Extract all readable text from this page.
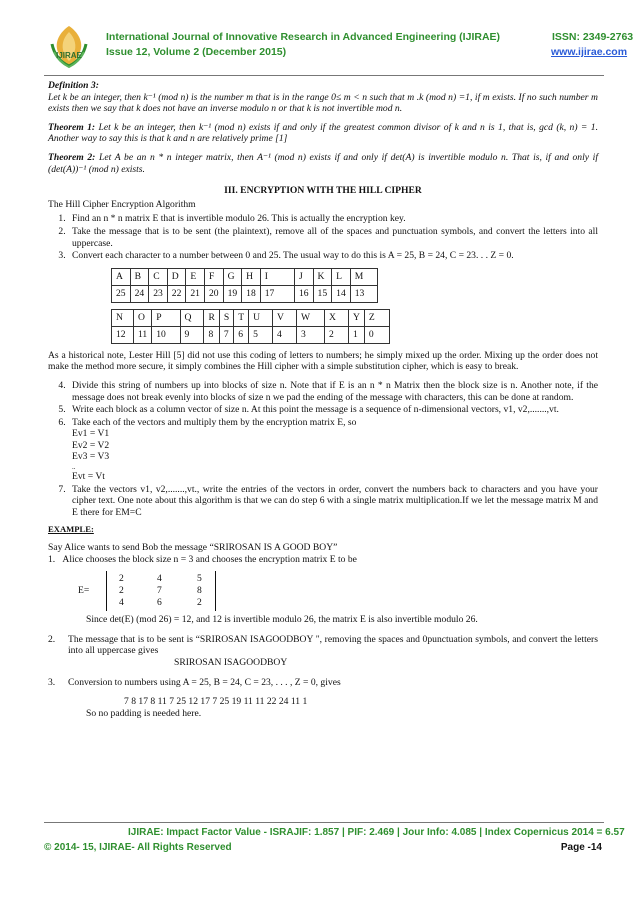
IJIRAE
International Journal of Innovative Research in Advanced Engineering (IJIRAE)	ISSN: 2349-2763
Issue 12, Volume 2 (December 2015)	www.ijirae.com
Definition 3:
Let k be an integer, then k⁻¹ (mod n) is the number m that is in the range 0≤ m < n such that m .k (mod n) =1, if m exists. If no such number m exists then we say that k does not have an inverse modulo n or that k is not invertible mod n.
Theorem 1: Let k be an integer, then k⁻¹ (mod n) exists if and only if the greatest common divisor of k and n is 1, that is, gcd (k, n) = 1. Another way to say this is that k and n are relatively prime [1]
Theorem 2: Let A be an n * n integer matrix, then A⁻¹ (mod n) exists if and only if det(A) is invertible modulo n. That is, if and only if (det(A))⁻¹ (mod n) exists.
III. ENCRYPTION WITH THE HILL CIPHER
The Hill Cipher Encryption Algorithm
1. Find an n * n matrix E that is invertible modulo 26. This is actually the encryption key.
2. Take the message that is to be sent (the plaintext), remove all of the spaces and punctuation symbols, and convert the letters into all uppercase.
3. Convert each character to a number between 0 and 25. The usual way to do this is A = 25, B = 24, C = 23. . . Z = 0.
A	B	C	D	E	F	G	H	I	J	K	L	M
25	24	23	22	21	20	19	18	17	16	15	14	13
N	O	P	Q	R	S	T	U	V	W	X	Y	Z
12	11	10	9	8	7	6	5	4	3	2	1	0
As a historical note, Lester Hill [5] did not use this coding of letters to numbers; he simply mixed up the order. Mixing up the order does not make the method more secure, it simply combines the Hill cipher with a simple substitution cipher, which is easy to break.
4. Divide this string of numbers up into blocks of size n. Note that if E is an n * n Matrix then the block size is n. Another note, if the message does not break evenly into blocks of size n we pad the ending of the message with characters, this can be done at random.
5. Write each block as a column vector of size n. At this point the message is a sequence of n-dimensional vectors, v1, v2,.......,vt.
6. Take each of the vectors and multiply them by the encryption matrix E, so
Ev1 = V1
Ev2 = V2
Ev3 = V3
..
Evt = Vt
7. Take the vectors v1, v2,.......,vt., write the entries of the vectors in order, convert the numbers back to characters and you have your cipher text. One note about this algorithm is that we can do step 6 with a single matrix multiplication.If we let the message matrix M and E there for EM=C
EXAMPLE:
Say Alice wants to send Bob the message “SRIROSAN IS A GOOD BOY”
1. Alice chooses the block size n = 3 and chooses the encryption matrix E to be
E=
2	4	5
2	7	8
4	6	2
Since det(E) (mod 26) = 12, and 12 is invertible modulo 26, the matrix E is also invertible modulo 26.
2.	The message that is to be sent is “SRIROSAN ISAGOODBOY ", removing the spaces and 0punctuation symbols, and convert the letters into all uppercase gives
SRIROSAN ISAGOODBOY
3. Conversion to numbers using A = 25, B = 24, C = 23, . . . , Z = 0, gives
7 8 17 8 11 7 25 12 17 7 25 19 11 11 22 24 11 1
So no padding is needed here.
IJIRAE: Impact Factor Value - ISRAJIF: 1.857 | PIF: 2.469 | Jour Info: 4.085 | Index Copernicus 2014 = 6.57
© 2014- 15, IJIRAE- All Rights Reserved	Page -14
